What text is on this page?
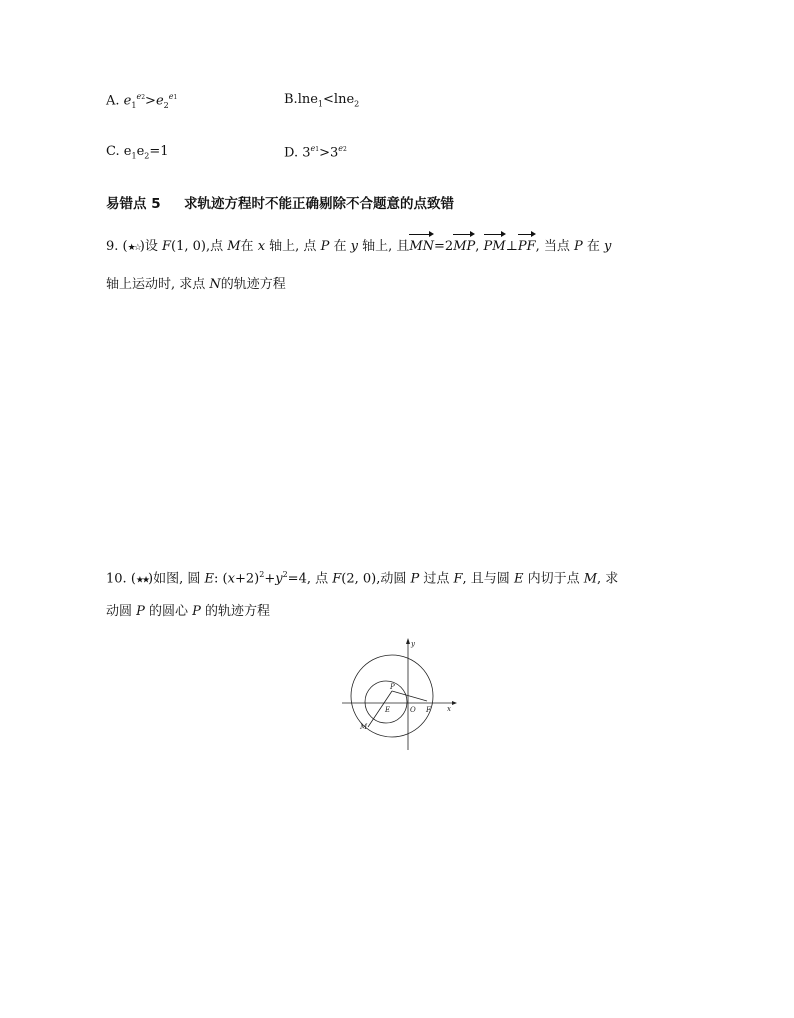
A. $e_1^{e2}>e_2^{e1}$	B.lne$_1$<lne$_2$
C. $e_1e_2=1$	D. $3^{e1}>3^{e2}$
易错点 5 求轨迹方程时不能正确剔除不合题意的点致错
9. (★☆)设 F(1, 0),点 M在 x 轴上, 点 P 在 y 轴上, 且MN=2MP, PM⊥PF, 当点 P 在 y
轴上运动时, 求点 N的轨迹方程
10. (★★)如图, 圆 E: $(x+2)^2+y^2=4$, 点 F(2, 0),动圆 P 过点 F, 且与圆 E 内切于点 M, 求
动圆 P 的圆心 P 的轨迹方程
y
x
P
E	O F
M
